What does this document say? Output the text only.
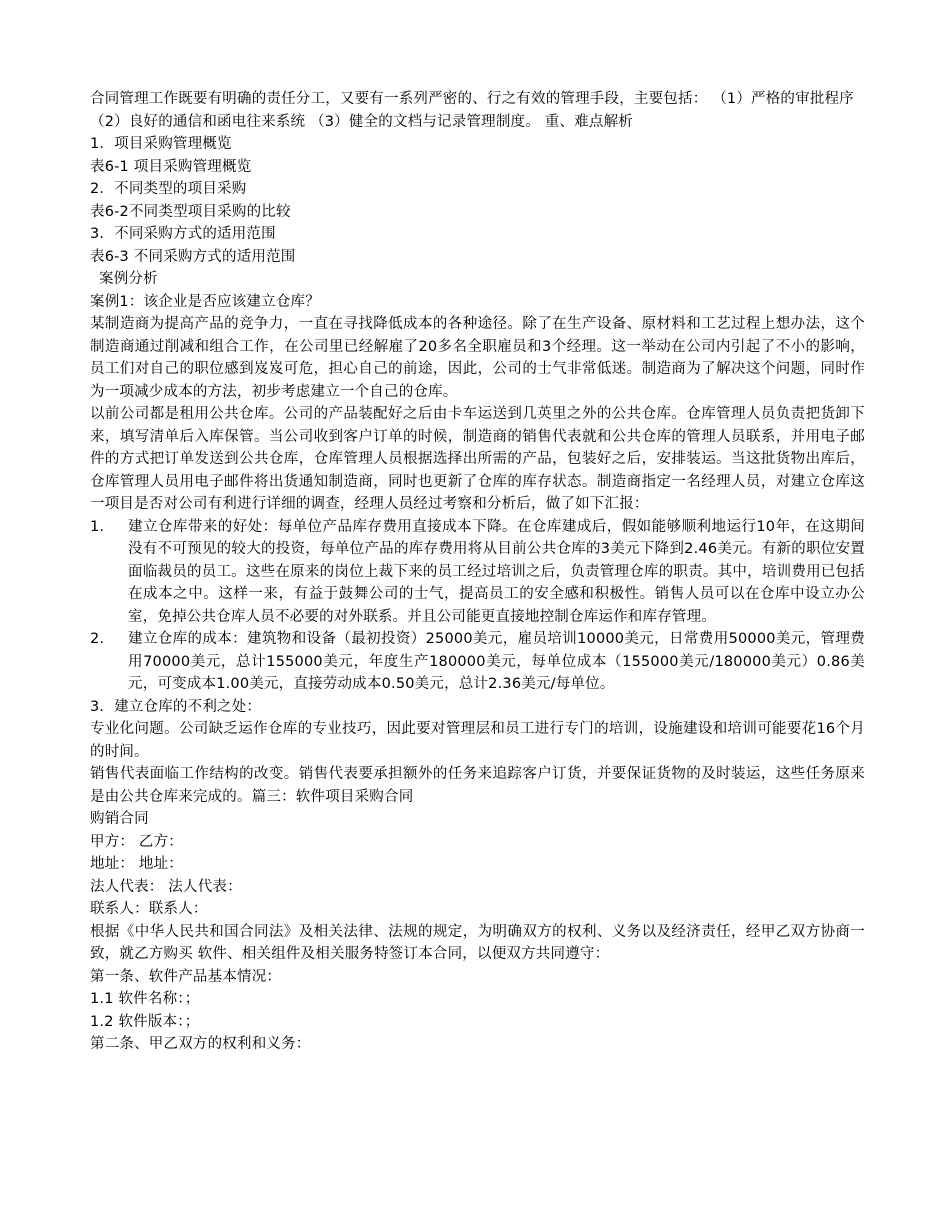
合同管理工作既要有明确的责任分工，又要有一系列严密的、行之有效的管理手段，主要包括： （1）严格的审批程序

（2）良好的通信和函电往来系统 （3）健全的文档与记录管理制度。 重、难点解析

1．项目采购管理概览

表6-1 项目采购管理概览

2．不同类型的项目采购

表6-2不同类型项目采购的比较

3．不同采购方式的适用范围

表6-3 不同采购方式的适用范围

案例分析

案例1：该企业是否应该建立仓库？

某制造商为提高产品的竞争力，一直在寻找降低成本的各种途径。除了在生产设备、原材料和工艺过程上想办法，这个制造商通过削减和组合工作，在公司里已经解雇了20多名全职雇员和3个经理。这一举动在公司内引起了不小的影响，员工们对自己的职位感到岌岌可危，担心自己的前途，因此，公司的士气非常低迷。制造商为了解决这个问题，同时作为一项减少成本的方法，初步考虑建立一个自己的仓库。

以前公司都是租用公共仓库。公司的产品装配好之后由卡车运送到几英里之外的公共仓库。仓库管理人员负责把货卸下来，填写清单后入库保管。当公司收到客户订单的时候，制造商的销售代表就和公共仓库的管理人员联系，并用电子邮件的方式把订单发送到公共仓库，仓库管理人员根据选择出所需的产品，包装好之后，安排装运。当这批货物出库后，仓库管理人员用电子邮件将出货通知制造商，同时也更新了仓库的库存状态。制造商指定一名经理人员，对建立仓库这一项目是否对公司有利进行详细的调查，经理人员经过考察和分析后，做了如下汇报：

1. 建立仓库带来的好处：每单位产品库存费用直接成本下降。在仓库建成后，假如能够顺利地运行10年，在这期间没有不可预见的较大的投资，每单位产品的库存费用将从目前公共仓库的3美元下降到2.46美元。有新的职位安置面临裁员的员工。这些在原来的岗位上裁下来的员工经过培训之后，负责管理仓库的职责。其中，培训费用已包括在成本之中。这样一来，有益于鼓舞公司的士气，提高员工的安全感和积极性。销售人员可以在仓库中设立办公室，免掉公共仓库人员不必要的对外联系。并且公司能更直接地控制仓库运作和库存管理。
2. 建立仓库的成本：建筑物和设备（最初投资）25000美元，雇员培训10000美元，日常费用50000美元，管理费用70000美元，总计155000美元，年度生产180000美元，每单位成本（155000美元/180000美元）0.86美元，可变成本1.00美元，直接劳动成本0.50美元，总计2.36美元/每单位。

3．建立仓库的不利之处：

专业化问题。公司缺乏运作仓库的专业技巧，因此要对管理层和员工进行专门的培训，设施建设和培训可能要花16个月的时间。

销售代表面临工作结构的改变。销售代表要承担额外的任务来追踪客户订货，并要保证货物的及时装运，这些任务原来是由公共仓库来完成的。篇三：软件项目采购合同

购销合同

甲方： 乙方：

地址： 地址：

法人代表： 法人代表：

联系人：联系人：

根据《中华人民共和国合同法》及相关法律、法规的规定，为明确双方的权利、义务以及经济责任，经甲乙双方协商一致，就乙方购买 软件、相关组件及相关服务特签订本合同，以便双方共同遵守：

第一条、软件产品基本情况：

1.1 软件名称：；

1.2 软件版本：；

第二条、甲乙双方的权利和义务：
